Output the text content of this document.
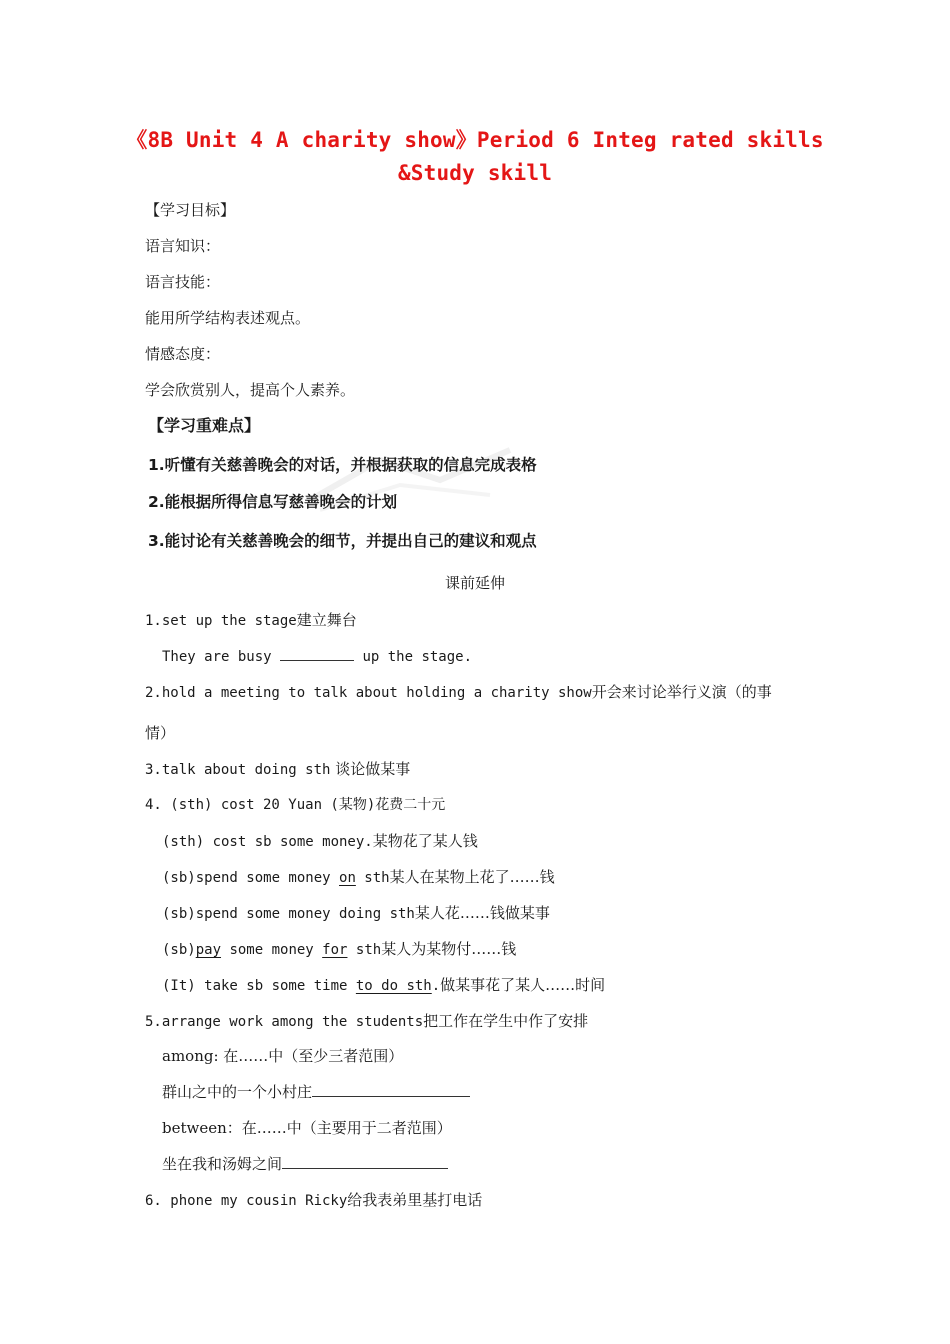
《8B Unit 4 A charity show》Period 6 Integ rated skills
&Study skill
【学习目标】
语言知识：
语言技能：
能用所学结构表述观点。
情感态度：
学会欣赏别人，提高个人素养。
【学习重难点】
1.听懂有关慈善晚会的对话，并根据获取的信息完成表格
2.能根据所得信息写慈善晚会的计划
3.能讨论有关慈善晚会的细节，并提出自己的建议和观点
课前延伸
1.set up the stage建立舞台
They are busy	up the stage.
2.hold a meeting to talk about holding a charity show开会来讨论举行义演（的事
情）
3.talk about doing sth 谈论做某事
4. (sth) cost 20 Yuan (某物)花费二十元
(sth) cost sb some money.某物花了某人钱
(sb)spend some money on sth某人在某物上花了……钱
(sb)spend some money doing sth某人花……钱做某事
(sb)pay some money for sth某人为某物付……钱
(It) take sb some time to do sth.做某事花了某人……时间
5.arrange work among the students把工作在学生中作了安排
among: 在……中（至少三者范围）
群山之中的一个小村庄
between：在……中（主要用于二者范围）
坐在我和汤姆之间
6. phone my cousin Ricky给我表弟里基打电话
